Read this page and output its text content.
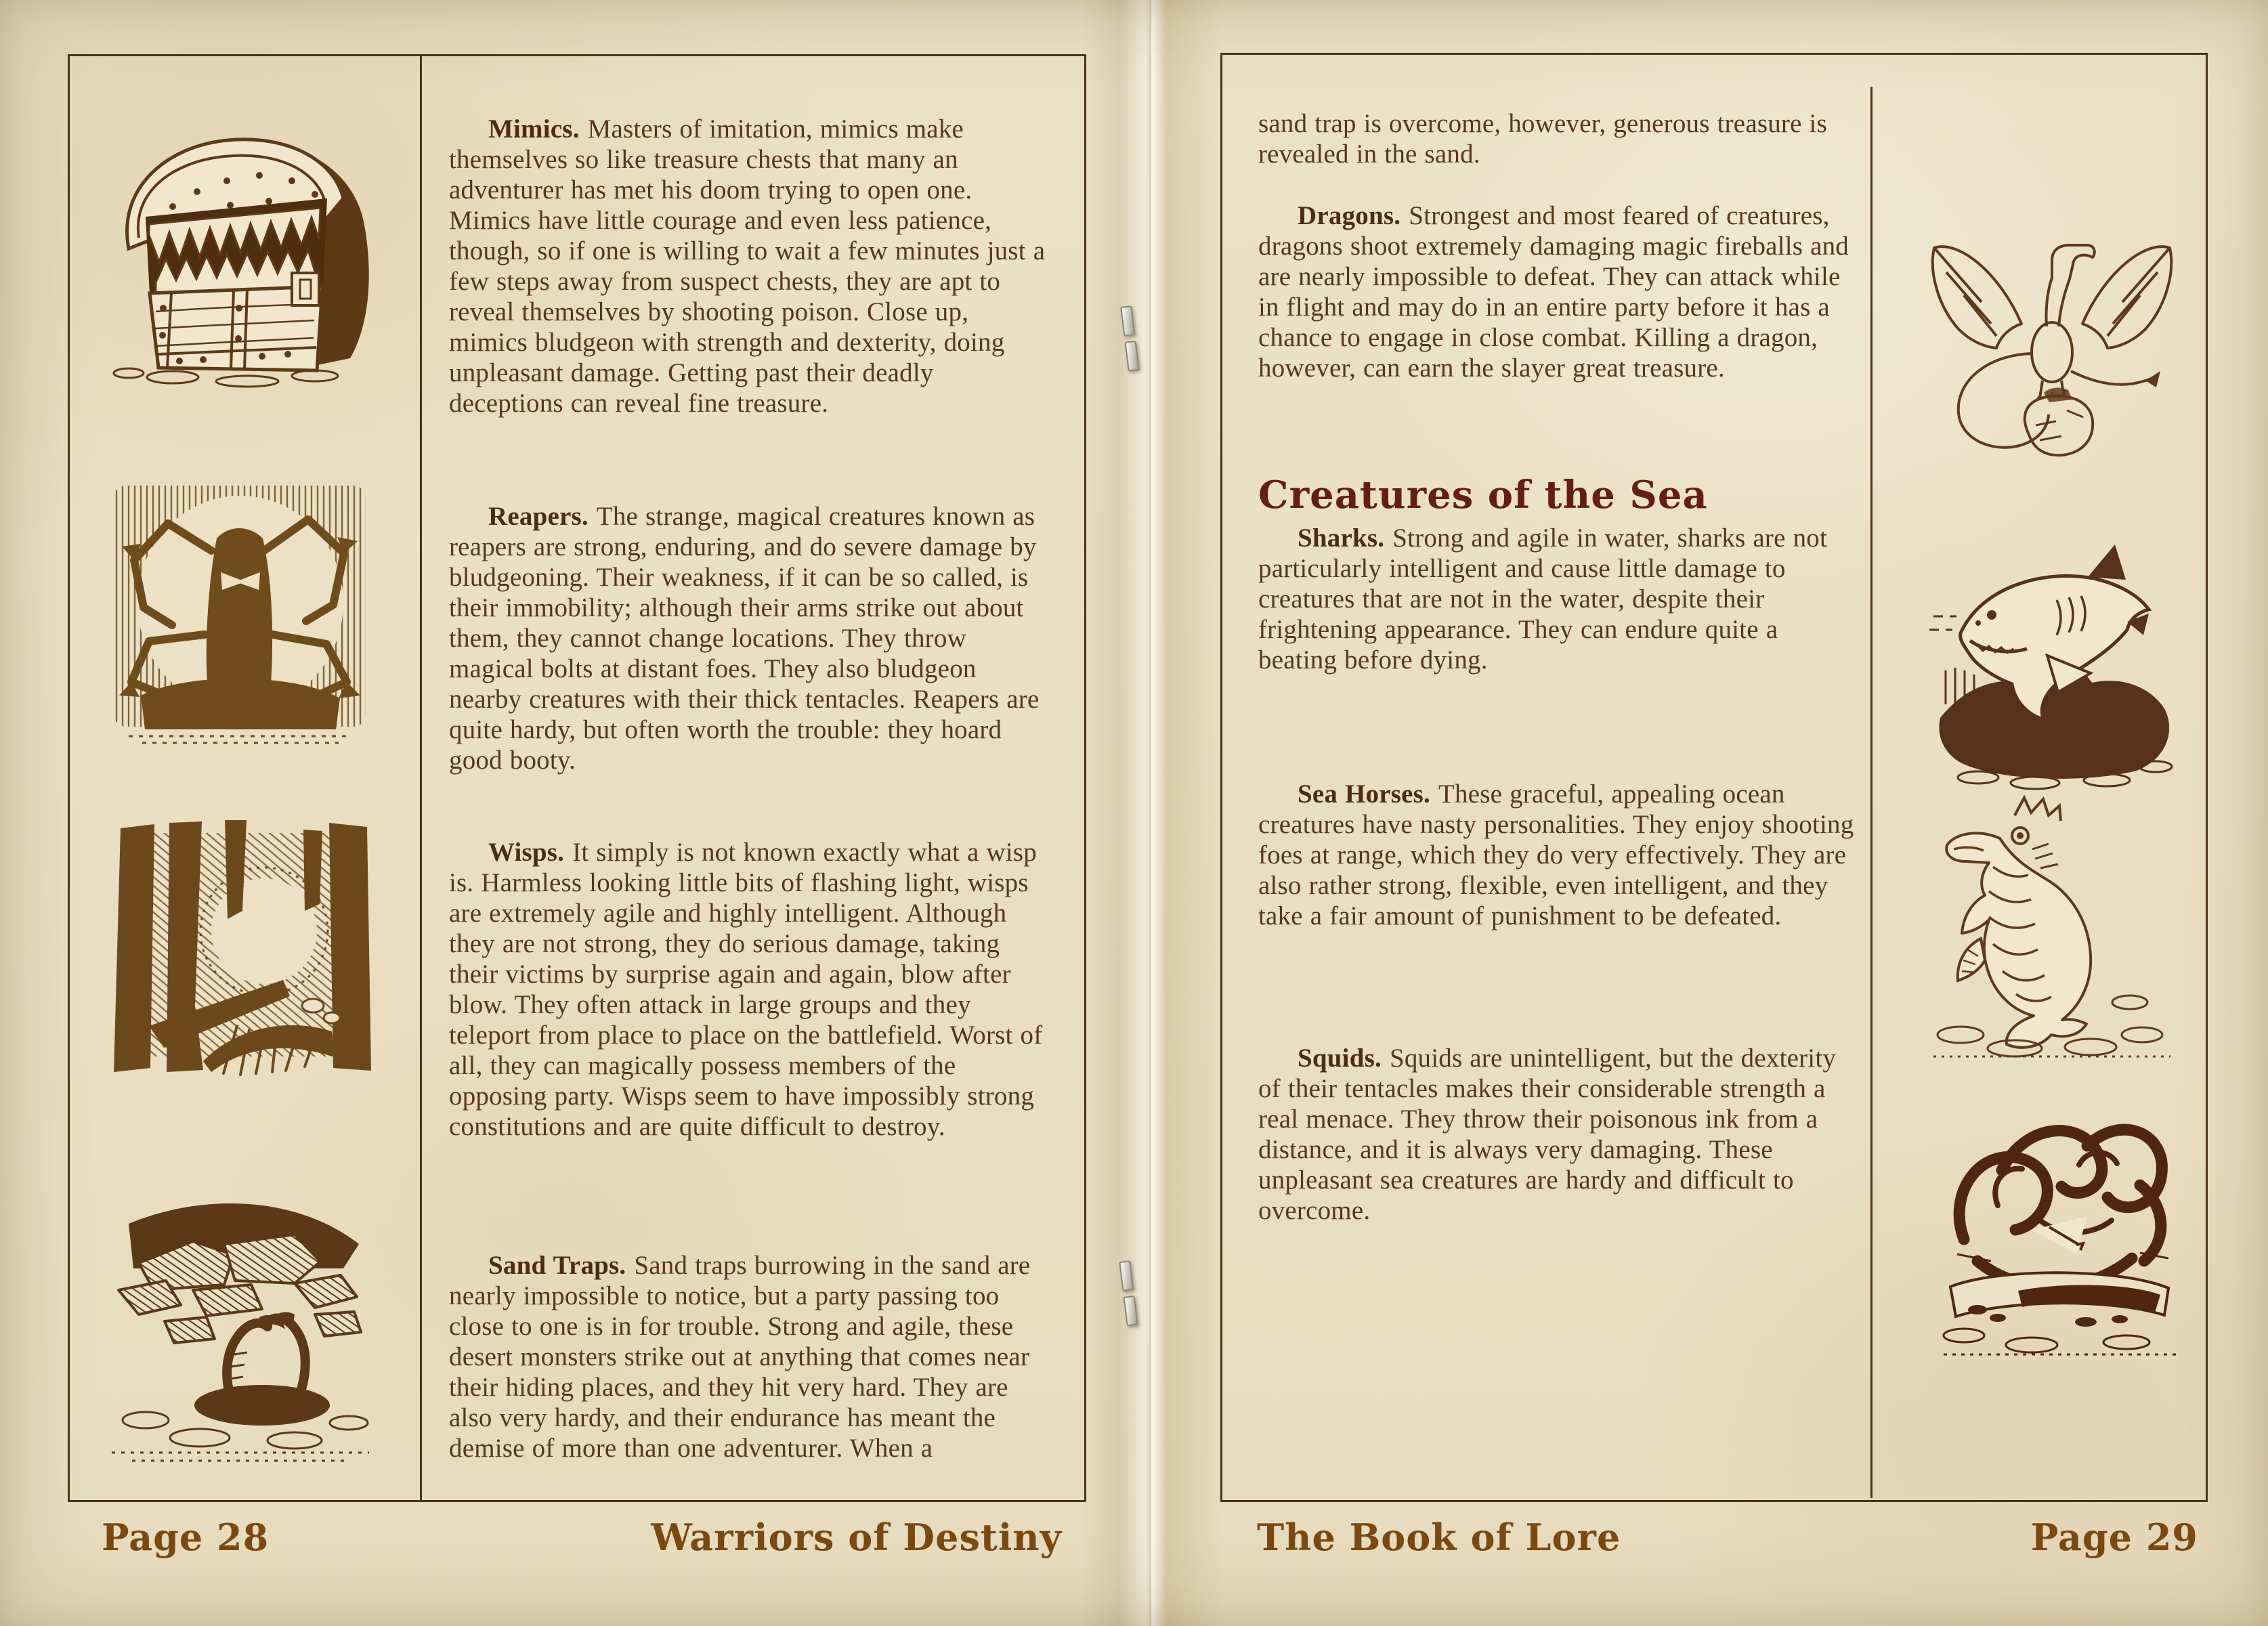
Mimics. Masters of imitation, mimics make themselves so like treasure chests that many an adventurer has met his doom trying to open one. Mimics have little courage and even less patience, though, so if one is willing to wait a few minutes just a few steps away from suspect chests, they are apt to reveal themselves by shooting poison. Close up, mimics bludgeon with strength and dexterity, doing unpleasant damage. Getting past their deadly deceptions can reveal fine treasure.
Reapers. The strange, magical creatures known as reapers are strong, enduring, and do severe damage by bludgeoning. Their weakness, if it can be so called, is their immobility; although their arms strike out about them, they cannot change locations. They throw magical bolts at distant foes. They also bludgeon nearby creatures with their thick tentacles. Reapers are quite hardy, but often worth the trouble: they hoard good booty.
Wisps. It simply is not known exactly what a wisp is. Harmless looking little bits of flashing light, wisps are extremely agile and highly intelligent. Although they are not strong, they do serious damage, taking their victims by surprise again and again, blow after blow. They often attack in large groups and they teleport from place to place on the battlefield. Worst of all, they can magically possess members of the opposing party. Wisps seem to have impossibly strong constitutions and are quite difficult to destroy.
Sand Traps. Sand traps burrowing in the sand are nearly impossible to notice, but a party passing too close to one is in for trouble. Strong and agile, these desert monsters strike out at anything that comes near their hiding places, and they hit very hard. They are also very hardy, and their endurance has meant the demise of more than one adventurer. When a
Page 28	Warriors of Destiny
sand trap is overcome, however, generous treasure is revealed in the sand.
Dragons. Strongest and most feared of creatures, dragons shoot extremely damaging magic fireballs and are nearly impossible to defeat. They can attack while in flight and may do in an entire party before it has a chance to engage in close combat. Killing a dragon, however, can earn the slayer great treasure.
Creatures of the Sea
Sharks. Strong and agile in water, sharks are not particularly intelligent and cause little damage to creatures that are not in the water, despite their frightening appearance. They can endure quite a beating before dying.
Sea Horses. These graceful, appealing ocean creatures have nasty personalities. They enjoy shooting foes at range, which they do very effectively. They are also rather strong, flexible, even intelligent, and they take a fair amount of punishment to be defeated.
Squids. Squids are unintelligent, but the dexterity of their tentacles makes their considerable strength a real menace. They throw their poisonous ink from a distance, and it is always very damaging. These unpleasant sea creatures are hardy and difficult to overcome.
The Book of Lore	Page 29
